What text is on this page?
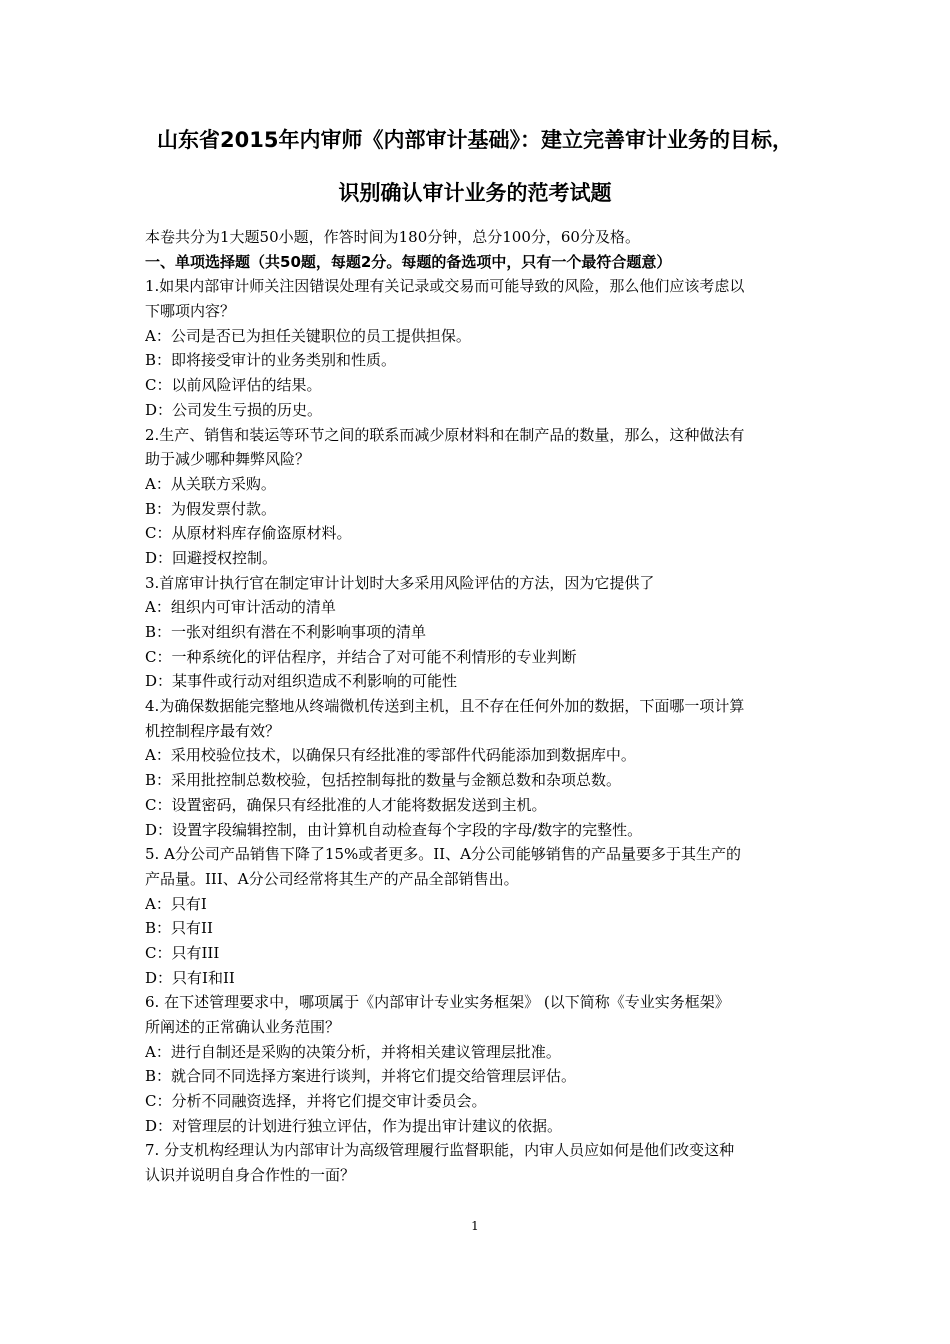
山东省2015年内审师《内部审计基础》：建立完善审计业务的目标，
识别确认审计业务的范考试题
本卷共分为1大题50小题，作答时间为180分钟，总分100分，60分及格。
一、单项选择题（共50题，每题2分。每题的备选项中，只有一个最符合题意）
1.如果内部审计师关注因错误处理有关记录或交易而可能导致的风险，那么他们应该考虑以
下哪项内容？
A：公司是否已为担任关键职位的员工提供担保。
B：即将接受审计的业务类别和性质。
C：以前风险评估的结果。
D：公司发生亏损的历史。
2.生产、销售和装运等环节之间的联系而减少原材料和在制产品的数量，那么，这种做法有
助于减少哪种舞弊风险？
A：从关联方采购。
B：为假发票付款。
C：从原材料库存偷盗原材料。
D：回避授权控制。
3.首席审计执行官在制定审计计划时大多采用风险评估的方法，因为它提供了
A：组织内可审计活动的清单
B：一张对组织有潜在不利影响事项的清单
C：一种系统化的评估程序，并结合了对可能不利情形的专业判断
D：某事件或行动对组织造成不利影响的可能性
4.为确保数据能完整地从终端微机传送到主机，且不存在任何外加的数据，下面哪一项计算
机控制程序最有效？
A：采用校验位技术，以确保只有经批准的零部件代码能添加到数据库中。
B：采用批控制总数校验，包括控制每批的数量与金额总数和杂项总数。
C：设置密码，确保只有经批准的人才能将数据发送到主机。
D：设置字段编辑控制，由计算机自动检查每个字段的字母/数字的完整性。
5. A分公司产品销售下降了15%或者更多。II、A分公司能够销售的产品量要多于其生产的
产品量。III、A分公司经常将其生产的产品全部销售出。
A：只有I
B：只有II
C：只有III
D：只有I和II
6. 在下述管理要求中，哪项属于《内部审计专业实务框架》 (以下简称《专业实务框架》
所阐述的正常确认业务范围？
A：进行自制还是采购的决策分析，并将相关建议管理层批准。
B：就合同不同选择方案进行谈判，并将它们提交给管理层评估。
C：分析不同融资选择，并将它们提交审计委员会。
D：对管理层的计划进行独立评估，作为提出审计建议的依据。
7. 分支机构经理认为内部审计为高级管理履行监督职能，内审人员应如何是他们改变这种
认识并说明自身合作性的一面？
1
